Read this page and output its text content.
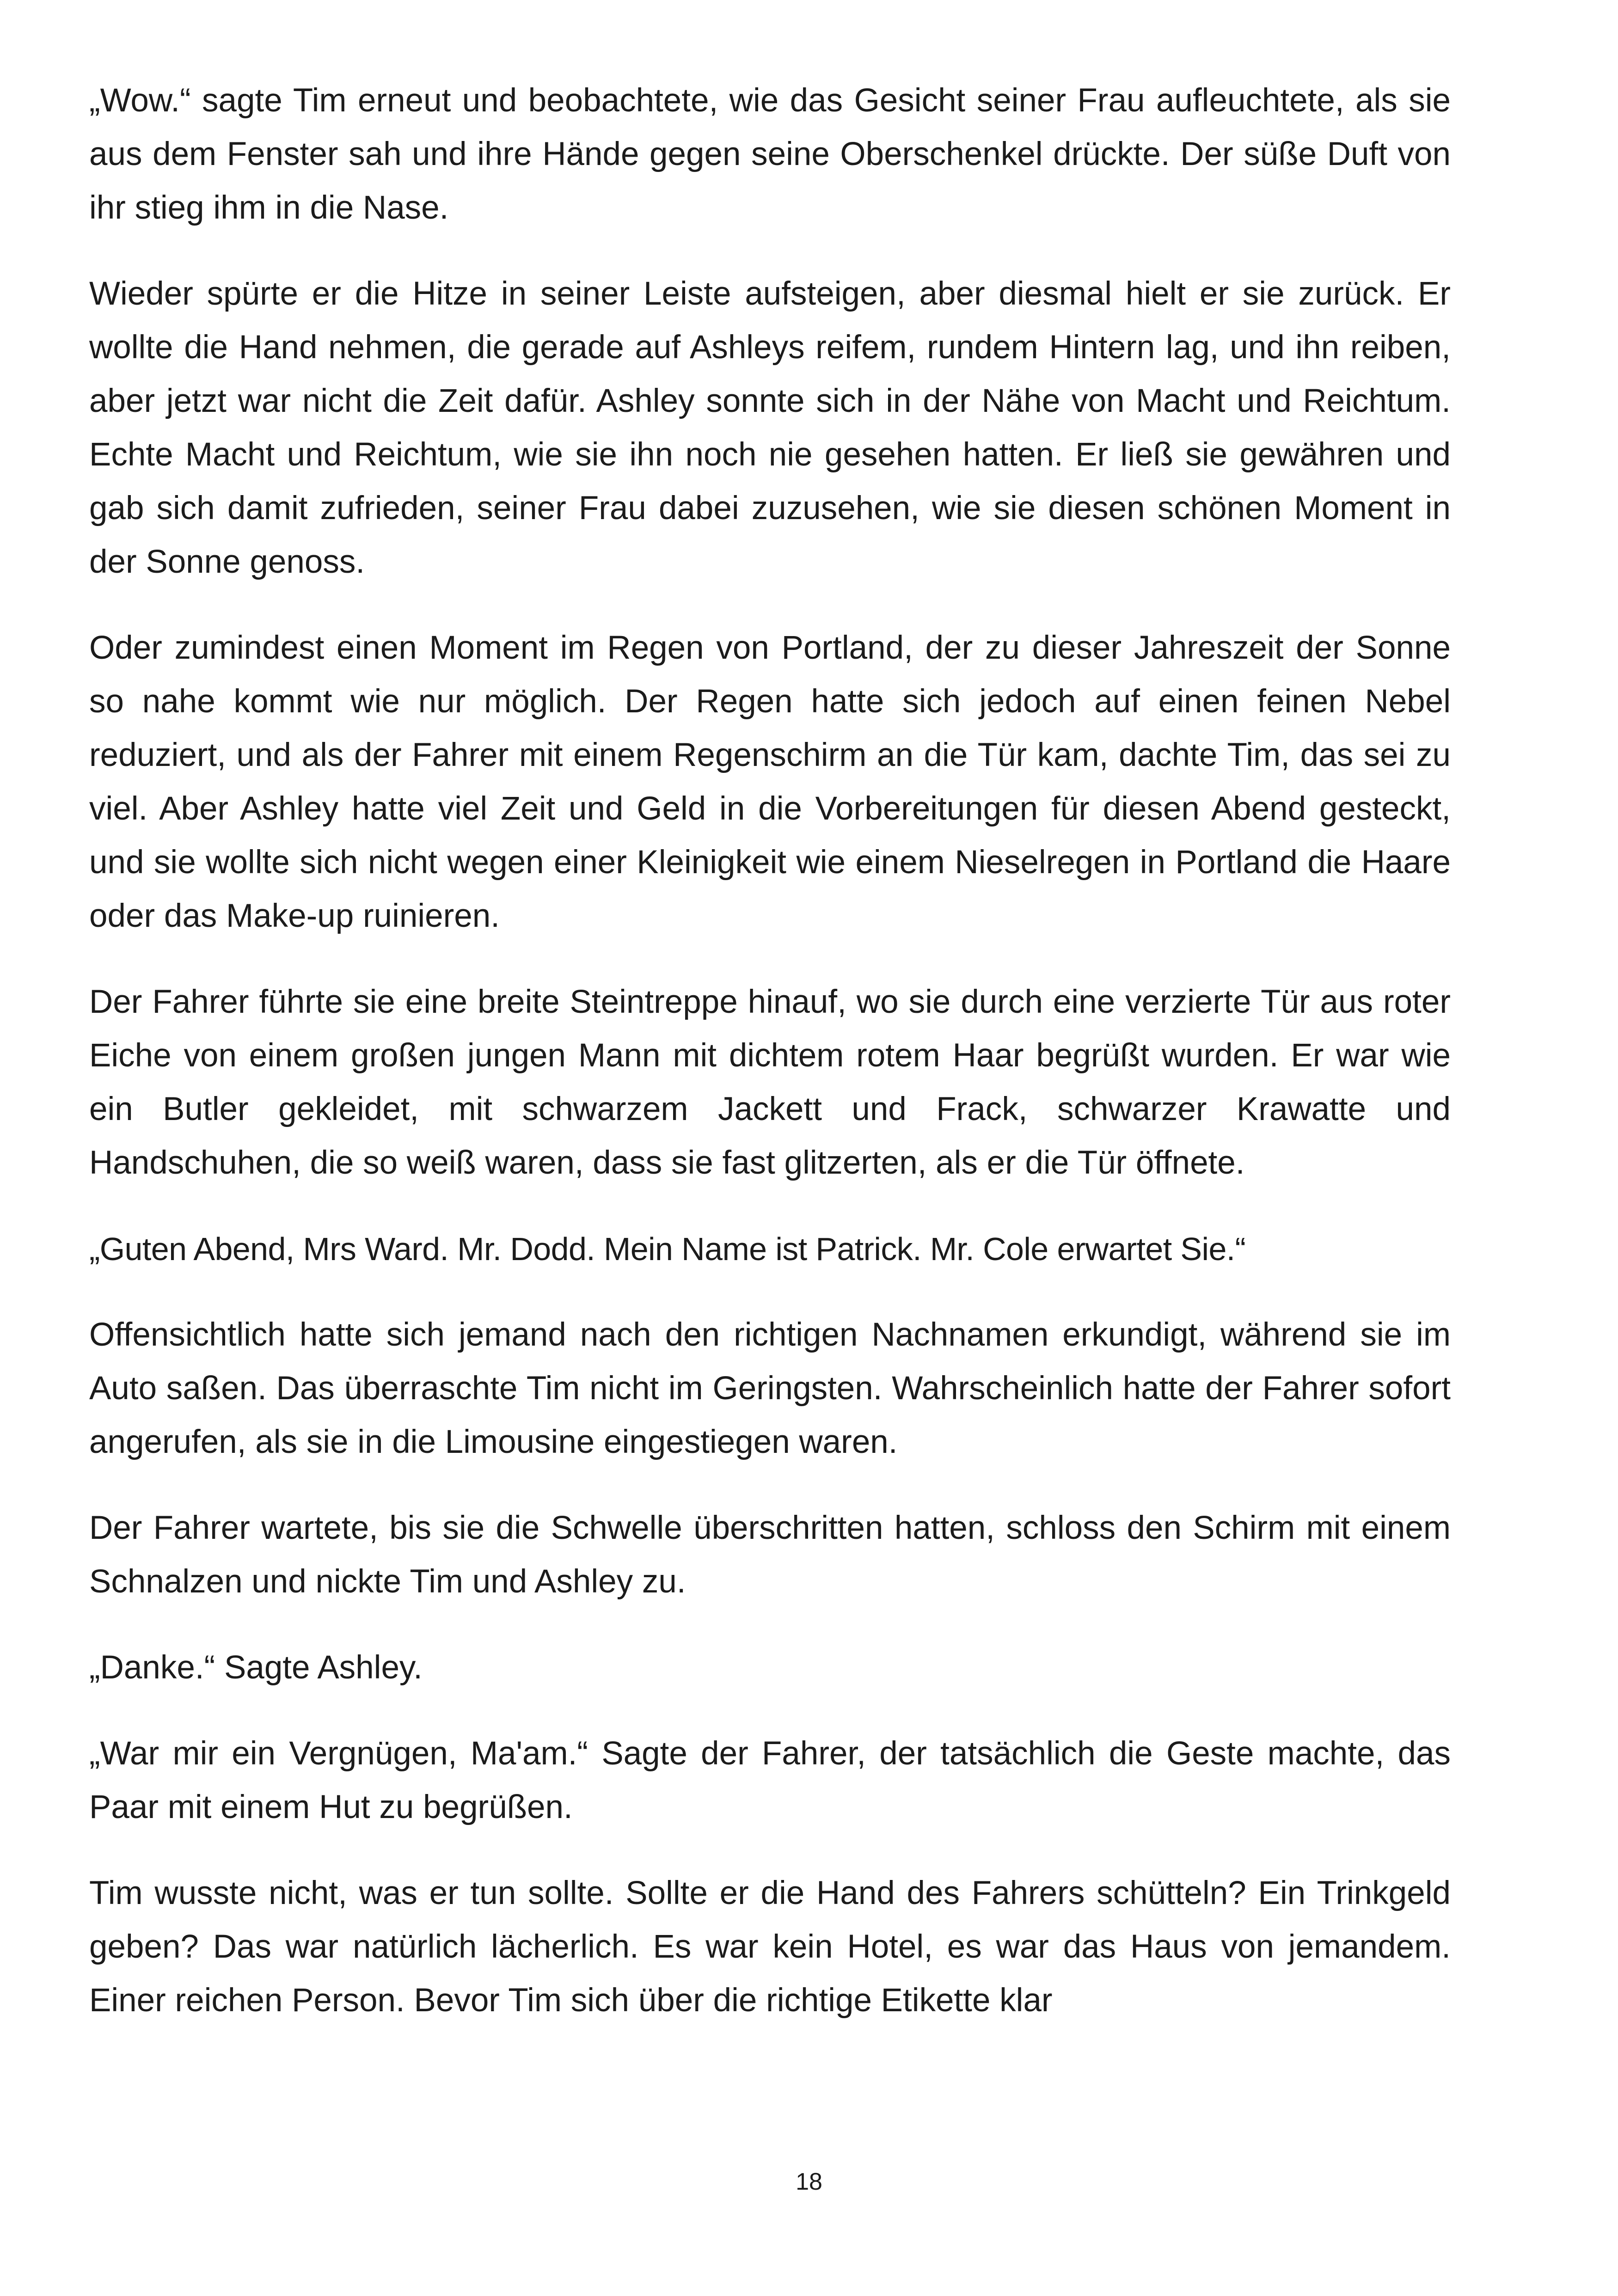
„Wow.“ sagte Tim erneut und beobachtete, wie das Gesicht seiner Frau aufleuchtete, als sie aus dem Fenster sah und ihre Hände gegen seine Oberschenkel drückte. Der süße Duft von ihr stieg ihm in die Nase.

Wieder spürte er die Hitze in seiner Leiste aufsteigen, aber diesmal hielt er sie zurück. Er wollte die Hand nehmen, die gerade auf Ashleys reifem, rundem Hintern lag, und ihn reiben, aber jetzt war nicht die Zeit dafür. Ashley sonnte sich in der Nähe von Macht und Reichtum. Echte Macht und Reichtum, wie sie ihn noch nie gesehen hatten. Er ließ sie gewähren und gab sich damit zufrieden, seiner Frau dabei zuzusehen, wie sie diesen schönen Moment in der Sonne genoss.

Oder zumindest einen Moment im Regen von Portland, der zu dieser Jahreszeit der Sonne so nahe kommt wie nur möglich. Der Regen hatte sich jedoch auf einen feinen Nebel reduziert, und als der Fahrer mit einem Regenschirm an die Tür kam, dachte Tim, das sei zu viel. Aber Ashley hatte viel Zeit und Geld in die Vorbereitungen für diesen Abend gesteckt, und sie wollte sich nicht wegen einer Kleinigkeit wie einem Nieselregen in Portland die Haare oder das Make-up ruinieren.

Der Fahrer führte sie eine breite Steintreppe hinauf, wo sie durch eine verzierte Tür aus roter Eiche von einem großen jungen Mann mit dichtem rotem Haar begrüßt wurden. Er war wie ein Butler gekleidet, mit schwarzem Jackett und Frack, schwarzer Krawatte und Handschuhen, die so weiß waren, dass sie fast glitzerten, als er die Tür öffnete.

„Guten Abend, Mrs Ward. Mr. Dodd. Mein Name ist Patrick. Mr. Cole erwartet Sie.“

Offensichtlich hatte sich jemand nach den richtigen Nachnamen erkundigt, während sie im Auto saßen. Das überraschte Tim nicht im Geringsten. Wahrscheinlich hatte der Fahrer sofort angerufen, als sie in die Limousine eingestiegen waren.

Der Fahrer wartete, bis sie die Schwelle überschritten hatten, schloss den Schirm mit einem Schnalzen und nickte Tim und Ashley zu.

„Danke.“ Sagte Ashley.

„War mir ein Vergnügen, Ma'am.“ Sagte der Fahrer, der tatsächlich die Geste machte, das Paar mit einem Hut zu begrüßen.

Tim wusste nicht, was er tun sollte. Sollte er die Hand des Fahrers schütteln? Ein Trinkgeld geben? Das war natürlich lächerlich. Es war kein Hotel, es war das Haus von jemandem. Einer reichen Person. Bevor Tim sich über die richtige Etikette klar

18
